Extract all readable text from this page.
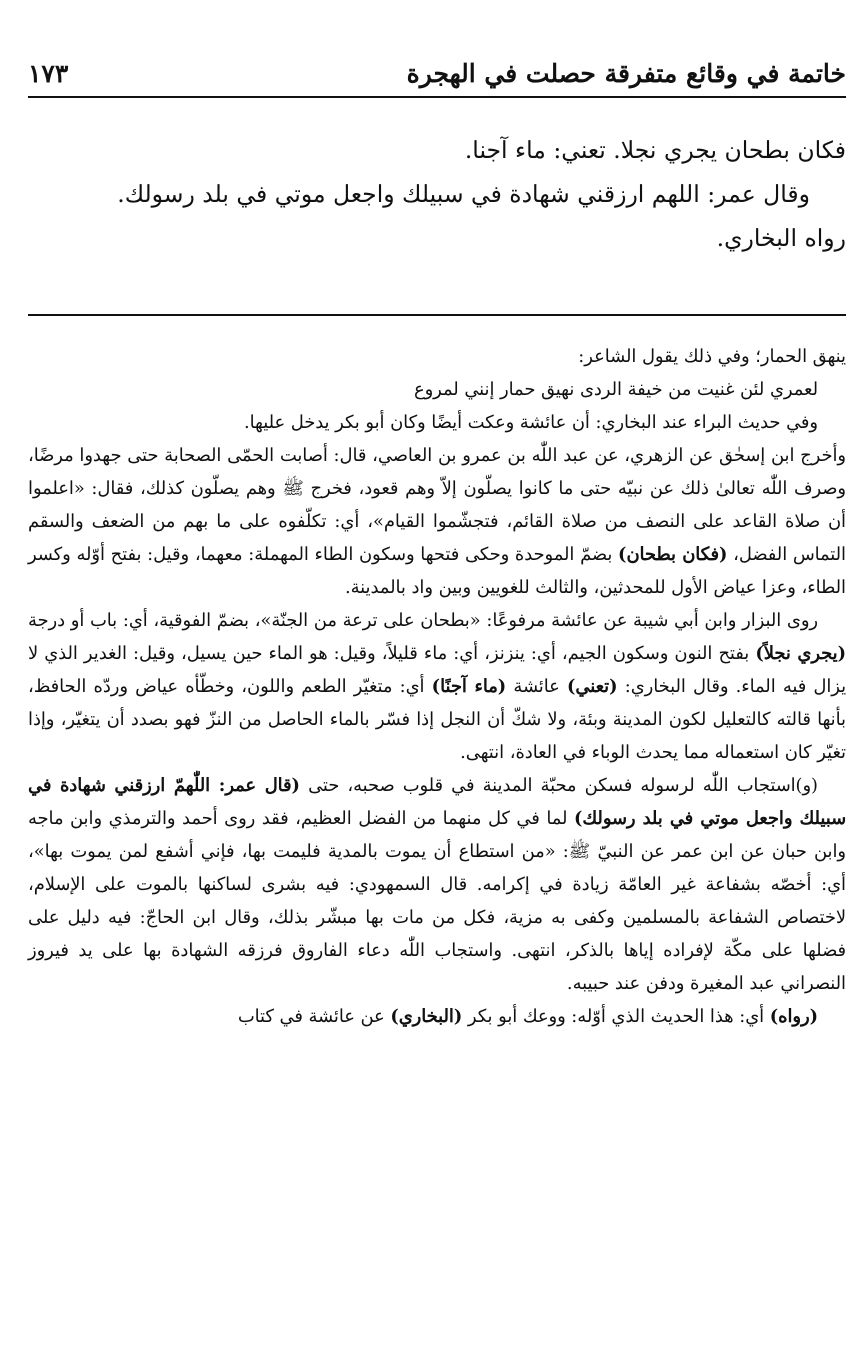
خاتمة في وقائع متفرقة حصلت في الهجرة
١٧٣

فكان بطحان يجري نجلا. تعني: ماء آجنا.

وقال عمر: اللهم ارزقني شهادة في سبيلك واجعل موتي في بلد رسولك.

رواه البخاري.

ينهق الحمار؛ وفي ذلك يقول الشاعر:

لعمري لئن غنيت من خيفة الردى نهيق حمار إنني لمروع

وفي حديث البراء عند البخاري: أن عائشة وعكت أيضًا وكان أبو بكر يدخل عليها.

وأخرج ابن إسحٰق عن الزهري، عن عبد اللّٰه بن عمرو بن العاصي، قال: أصابت الحمّى الصحابة حتى جهدوا مرضًا، وصرف اللّٰه تعالىٰ ذلك عن نبيّه حتى ما كانوا يصلّون إلاّ وهم قعود، فخرج ﷺ وهم يصلّون كذلك، فقال: «اعلموا أن صلاة القاعد على النصف من صلاة القائم، فتجشّموا القيام»، أي: تكلّفوه على ما بهم من الضعف والسقم التماس الفضل، (فكان بطحان) بضمّ الموحدة وحكى فتحها وسكون الطاء المهملة: معهما، وقيل: بفتح أوّله وكسر الطاء، وعزا عياض الأول للمحدثين، والثالث للغويين وبين واد بالمدينة.

روى البزار وابن أبي شيبة عن عائشة مرفوعًا: «بطحان على ترعة من الجنّة»، بضمّ الفوقية، أي: باب أو درجة (يجري نجلاً) بفتح النون وسكون الجيم، أي: ينزنز، أي: ماء قليلاً، وقيل: هو الماء حين يسيل، وقيل: الغدير الذي لا يزال فيه الماء. وقال البخاري: (تعني) عائشة (ماء آجنًا) أي: متغيّر الطعم واللون، وخطّأه عياض وردّه الحافظ، بأنها قالته كالتعليل لكون المدينة وبئة، ولا شكّ أن النجل إذا فسّر بالماء الحاصل من النزّ فهو بصدد أن يتغيّر، وإذا تغيّر كان استعماله مما يحدث الوباء في العادة، انتهى.

(و)استجاب اللّٰه لرسوله فسكن محبّة المدينة في قلوب صحبه، حتى (قال عمر: اللّٰهمّ ارزقني شهادة في سبيلك واجعل موتي في بلد رسولك) لما في كل منهما من الفضل العظيم، فقد روى أحمد والترمذي وابن ماجه وابن حبان عن ابن عمر عن النبيّ ﷺ: «من استطاع أن يموت بالمدية فليمت بها، فإني أشفع لمن يموت بها»، أي: أخصّه بشفاعة غير العامّة زيادة في إكرامه. قال السمهودي: فيه بشرى لساكنها بالموت على الإسلام، لاختصاص الشفاعة بالمسلمين وكفى به مزية، فكل من مات بها مبشّر بذلك، وقال ابن الحاجّ: فيه دليل على فضلها على مكّة لإفراده إياها بالذكر، انتهى. واستجاب اللّٰه دعاء الفاروق فرزقه الشهادة بها على يد فيروز النصراني عبد المغيرة ودفن عند حبيبه.

(رواه) أي: هذا الحديث الذي أوّله: ووعك أبو بكر (البخاري) عن عائشة في كتاب
